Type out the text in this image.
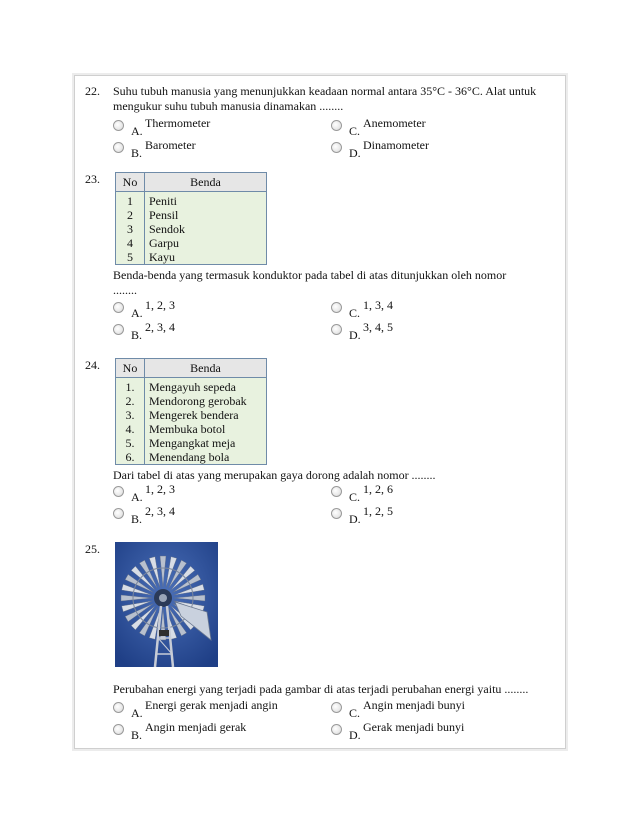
22. Suhu tubuh manusia yang menunjukkan keadaan normal antara 35°C - 36°C. Alat untuk mengukur suhu tubuh manusia dinamakan ........
A.
Thermometer
C.
Anemometer
B.
Barometer
D.
Dinamometer
23. No	Benda
1	Peniti
2	Pensil
3	Sendok
4	Garpu
5	Kayu
Benda-benda yang termasuk konduktor pada tabel di atas ditunjukkan oleh nomor ........
A.
1, 2, 3
C.
1, 3, 4
B.
2, 3, 4
D.
3, 4, 5
24. No	Benda
1.	Mengayuh sepeda
2.	Mendorong gerobak
3.	Mengerek bendera
4.	Membuka botol
5.	Mengangkat meja
6.	Menendang bola
Dari tabel di atas yang merupakan gaya dorong adalah nomor ........
A.
1, 2, 3
C.
1, 2, 6
B.
2, 3, 4
D.
1, 2, 5
25.
Perubahan energi yang terjadi pada gambar di atas terjadi perubahan energi yaitu ........
A.
Energi gerak menjadi angin
C.
Angin menjadi bunyi
B.
Angin menjadi gerak
D.
Gerak menjadi bunyi
